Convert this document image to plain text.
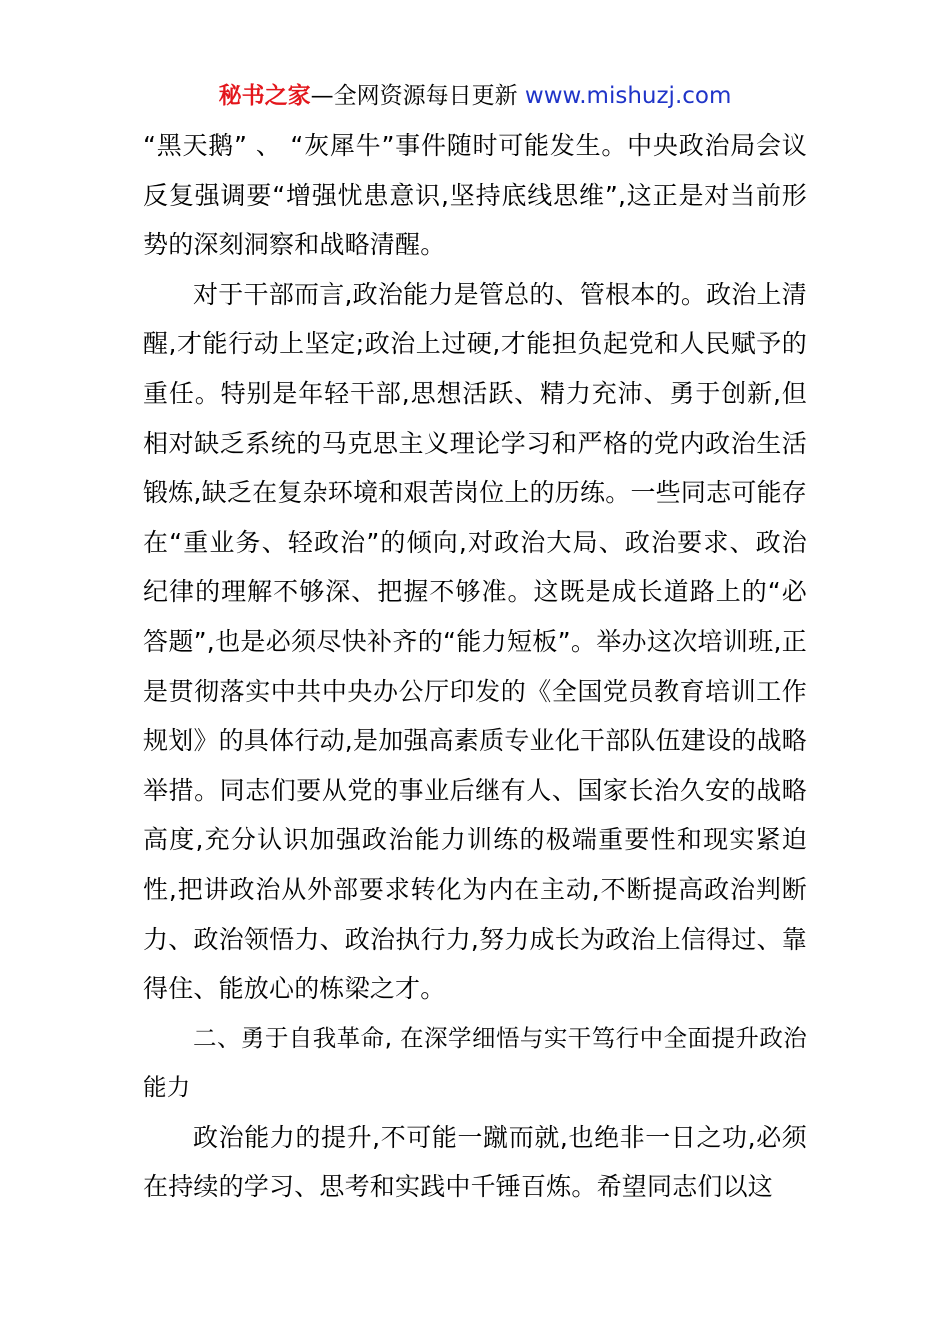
秘书之家—全网资源每日更新 www.mishuzj.com

“黑天鹅” 、 “灰犀牛”事件随时可能发生。中央政治局会议反复强调要“增强忧患意识,坚持底线思维”,这正是对当前形势的深刻洞察和战略清醒。

对于干部而言,政治能力是管总的、管根本的。政治上清醒,才能行动上坚定;政治上过硬,才能担负起党和人民赋予的重任。特别是年轻干部,思想活跃、精力充沛、勇于创新,但相对缺乏系统的马克思主义理论学习和严格的党内政治生活锻炼,缺乏在复杂环境和艰苦岗位上的历练。一些同志可能存在“重业务、轻政治”的倾向,对政治大局、政治要求、政治纪律的理解不够深、把握不够准。这既是成长道路上的“必答题”,也是必须尽快补齐的“能力短板”。举办这次培训班,正是贯彻落实中共中央办公厅印发的《全国党员教育培训工作规划》的具体行动,是加强高素质专业化干部队伍建设的战略举措。同志们要从党的事业后继有人、国家长治久安的战略高度,充分认识加强政治能力训练的极端重要性和现实紧迫性,把讲政治从外部要求转化为内在主动,不断提高政治判断力、政治领悟力、政治执行力,努力成长为政治上信得过、靠得住、能放心的栋梁之才。

二、勇于自我革命, 在深学细悟与实干笃行中全面提升政治能力

政治能力的提升,不可能一蹴而就,也绝非一日之功,必须在持续的学习、思考和实践中千锤百炼。希望同志们以这
